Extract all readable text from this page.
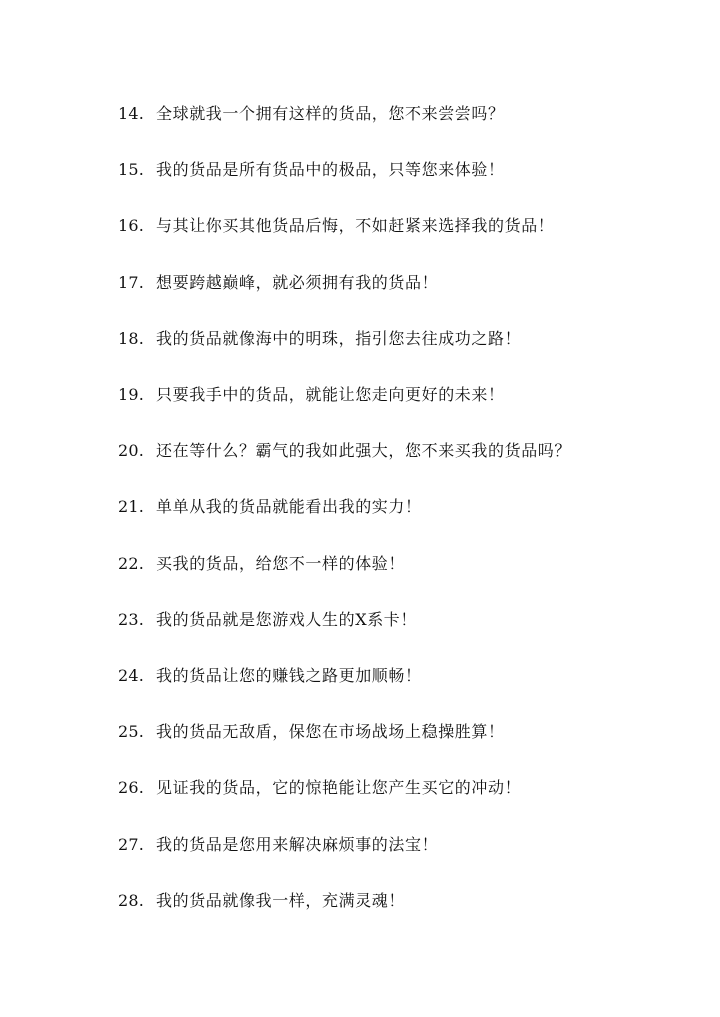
14. 全球就我一个拥有这样的货品，您不来尝尝吗？
15. 我的货品是所有货品中的极品，只等您来体验！
16. 与其让你买其他货品后悔，不如赶紧来选择我的货品！
17. 想要跨越巅峰，就必须拥有我的货品！
18. 我的货品就像海中的明珠，指引您去往成功之路！
19. 只要我手中的货品，就能让您走向更好的未来！
20. 还在等什么？霸气的我如此强大，您不来买我的货品吗？
21. 单单从我的货品就能看出我的实力！
22. 买我的货品，给您不一样的体验！
23. 我的货品就是您游戏人生的X系卡！
24. 我的货品让您的赚钱之路更加顺畅！
25. 我的货品无敌盾，保您在市场战场上稳操胜算！
26. 见证我的货品，它的惊艳能让您产生买它的冲动！
27. 我的货品是您用来解决麻烦事的法宝！
28. 我的货品就像我一样，充满灵魂！
